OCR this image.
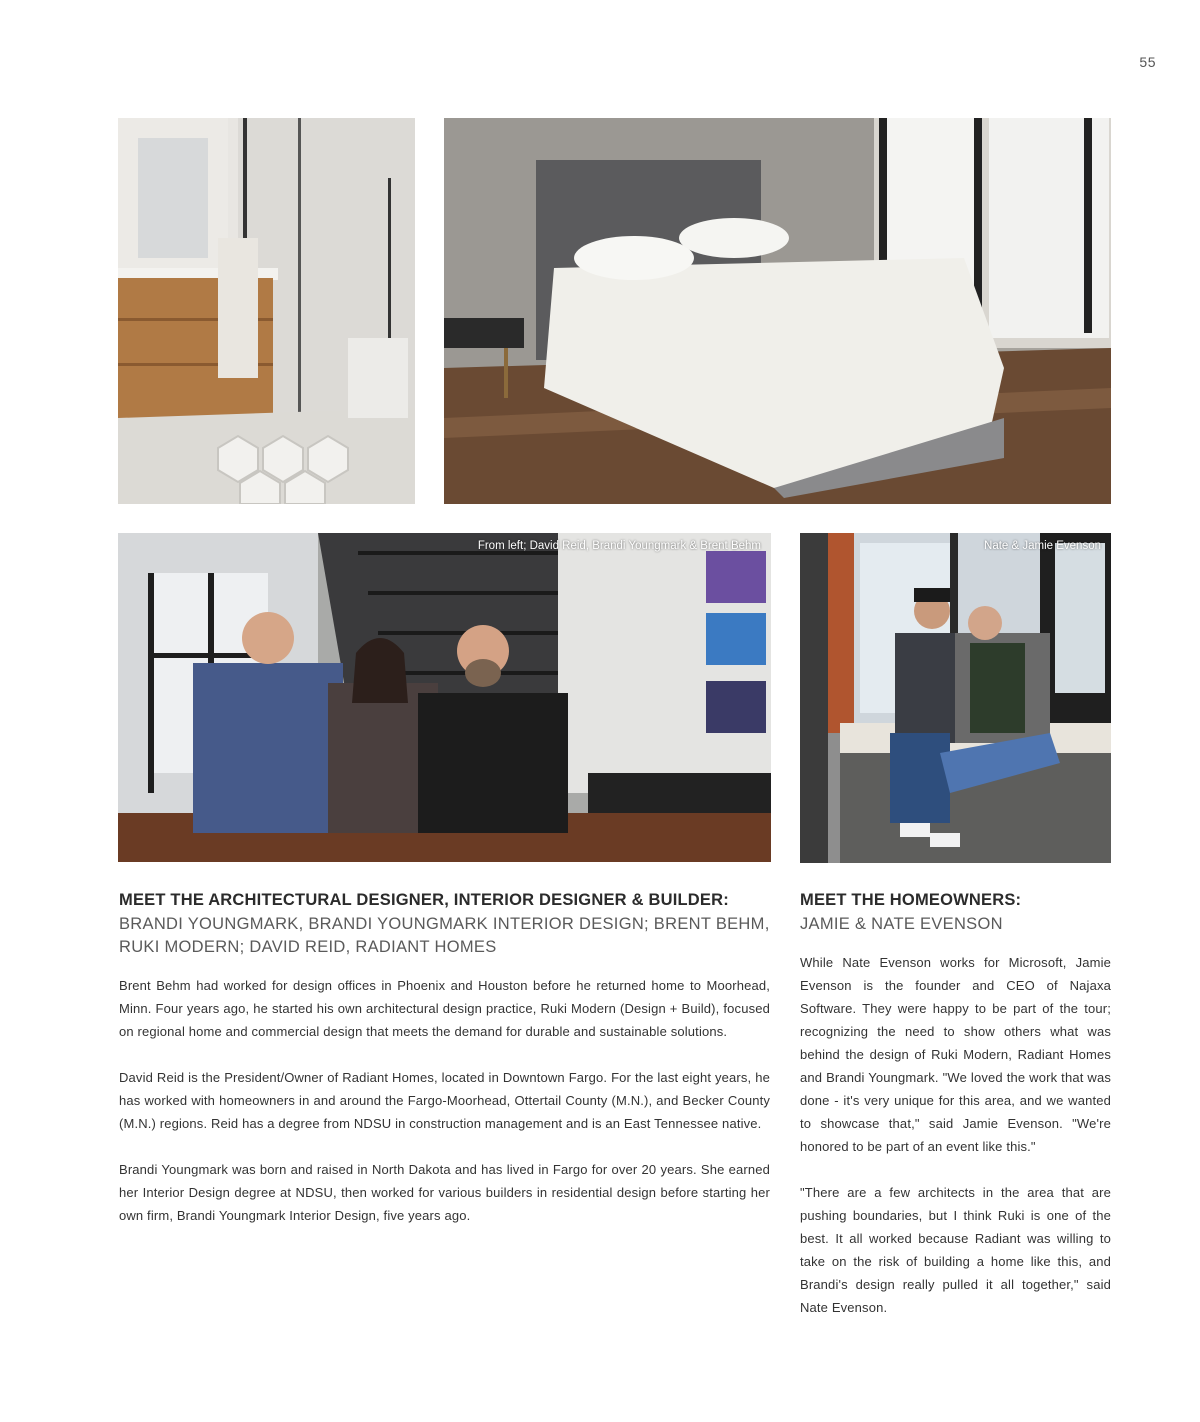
55
From left; David Reid, Brandi Youngmark & Brent Behm	Nate & Jamie Evenson
MEET THE ARCHITECTURAL DESIGNER, INTERIOR DESIGNER & BUILDER:
BRANDI YOUNGMARK, BRANDI YOUNGMARK INTERIOR DESIGN; BRENT BEHM, RUKI MODERN; DAVID REID, RADIANT HOMES

Brent Behm had worked for design offices in Phoenix and Houston before he returned home to Moorhead, Minn. Four years ago, he started his own architectural design practice, Ruki Modern (Design + Build), focused on regional home and commercial design that meets the demand for durable and sustainable solutions.

David Reid is the President/Owner of Radiant Homes, located in Downtown Fargo. For the last eight years, he has worked with homeowners in and around the Fargo-Moorhead, Ottertail County (M.N.), and Becker County (M.N.) regions. Reid has a degree from NDSU in construction management and is an East Tennessee native.

Brandi Youngmark was born and raised in North Dakota and has lived in Fargo for over 20 years. She earned her Interior Design degree at NDSU, then worked for various builders in residential design before starting her own firm, Brandi Youngmark Interior Design, five years ago.

MEET THE HOMEOWNERS:
JAMIE & NATE EVENSON

While Nate Evenson works for Microsoft, Jamie Evenson is the founder and CEO of Najaxa Software. They were happy to be part of the tour; recognizing the need to show others what was behind the design of Ruki Modern, Radiant Homes and Brandi Youngmark. "We loved the work that was done - it's very unique for this area, and we wanted to showcase that," said Jamie Evenson. "We're honored to be part of an event like this."

"There are a few architects in the area that are pushing boundaries, but I think Ruki is one of the best. It all worked because Radiant was willing to take on the risk of building a home like this, and Brandi's design really pulled it all together," said Nate Evenson.
